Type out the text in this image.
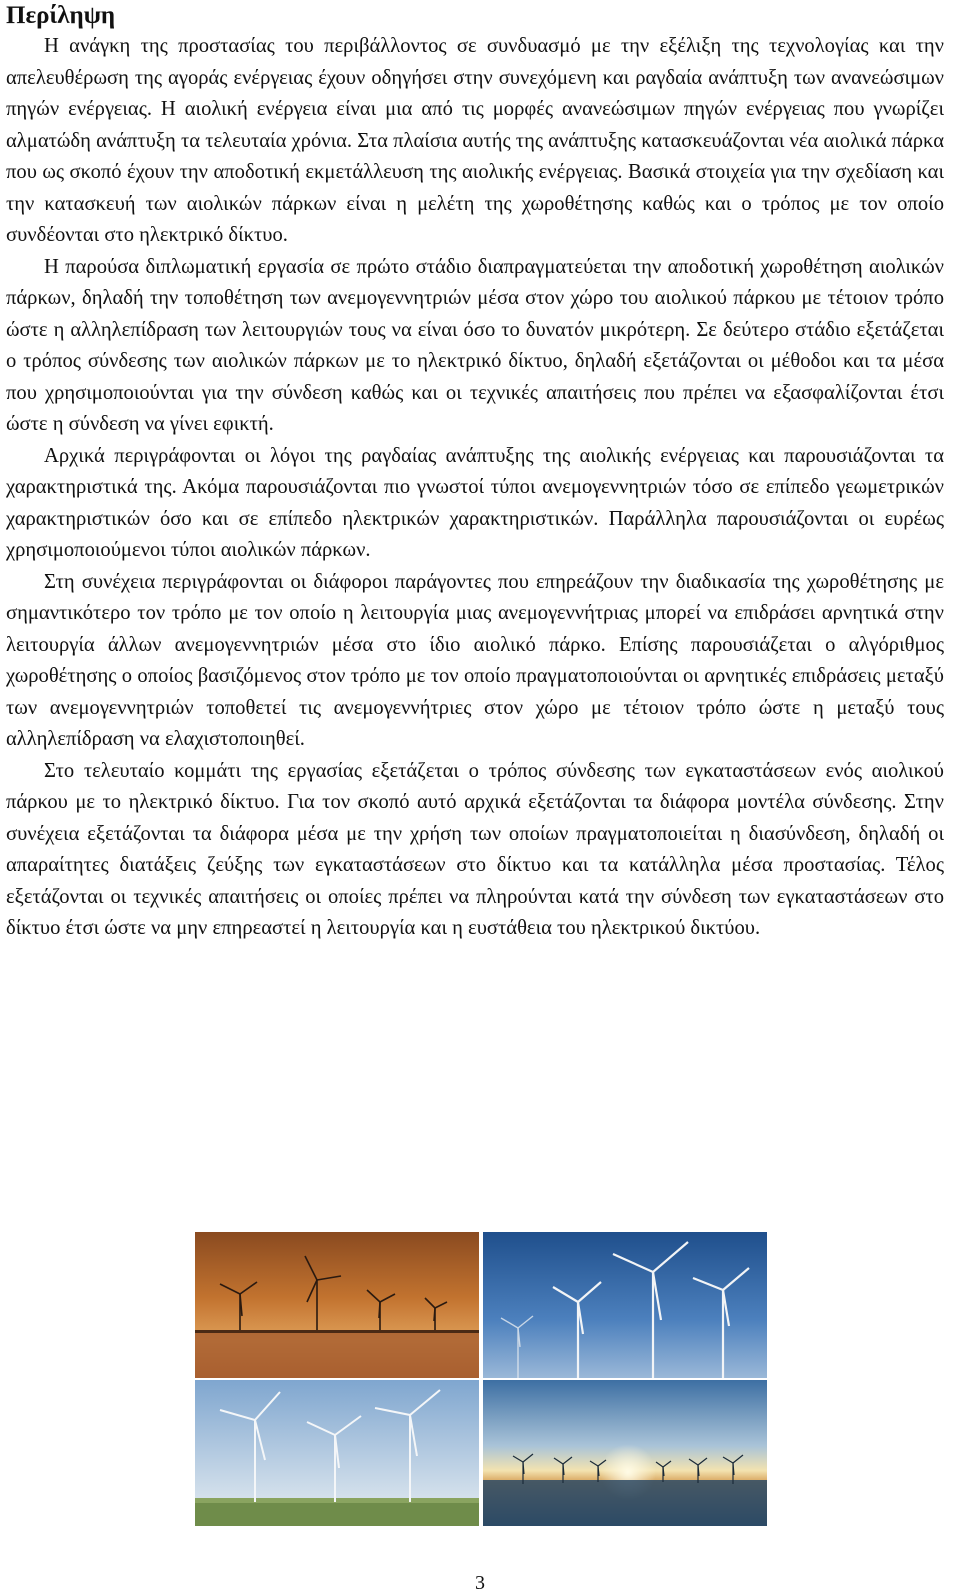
Περίληψη

Η ανάγκη της προστασίας του περιβάλλοντος σε συνδυασμό με την εξέλιξη της τεχνολογίας και την απελευθέρωση της αγοράς ενέργειας έχουν οδηγήσει στην συνεχόμενη και ραγδαία ανάπτυξη των ανανεώσιμων πηγών ενέργειας. Η αιολική ενέργεια είναι μια από τις μορφές ανανεώσιμων πηγών ενέργειας που γνωρίζει αλματώδη ανάπτυξη τα τελευταία χρόνια. Στα πλαίσια αυτής της ανάπτυξης κατασκευάζονται νέα αιολικά πάρκα που ως σκοπό έχουν την αποδοτική εκμετάλλευση της αιολικής ενέργειας. Βασικά στοιχεία για την σχεδίαση και την κατασκευή των αιολικών πάρκων είναι η μελέτη της χωροθέτησης καθώς και ο τρόπος με τον οποίο συνδέονται στο ηλεκτρικό δίκτυο.

Η παρούσα διπλωματική εργασία σε πρώτο στάδιο διαπραγματεύεται την αποδοτική χωροθέτηση αιολικών πάρκων, δηλαδή την τοποθέτηση των ανεμογεννητριών μέσα στον χώρο του αιολικού πάρκου με τέτοιον τρόπο ώστε η αλληλεπίδραση των λειτουργιών τους να είναι όσο το δυνατόν μικρότερη. Σε δεύτερο στάδιο εξετάζεται ο τρόπος σύνδεσης των αιολικών πάρκων με το ηλεκτρικό δίκτυο, δηλαδή εξετάζονται οι μέθοδοι και τα μέσα που χρησιμοποιούνται για την σύνδεση καθώς και οι τεχνικές απαιτήσεις που πρέπει να εξασφαλίζονται έτσι ώστε η σύνδεση να γίνει εφικτή.

Αρχικά περιγράφονται οι λόγοι της ραγδαίας ανάπτυξης της αιολικής ενέργειας και παρουσιάζονται τα χαρακτηριστικά της. Ακόμα παρουσιάζονται πιο γνωστοί τύποι ανεμογεννητριών τόσο σε επίπεδο γεωμετρικών χαρακτηριστικών όσο και σε επίπεδο ηλεκτρικών χαρακτηριστικών. Παράλληλα παρουσιάζονται οι ευρέως χρησιμοποιούμενοι τύποι αιολικών πάρκων.

Στη συνέχεια περιγράφονται οι διάφοροι παράγοντες που επηρεάζουν την διαδικασία της χωροθέτησης με σημαντικότερο τον τρόπο με τον οποίο η λειτουργία μιας ανεμογεννήτριας μπορεί να επιδράσει αρνητικά στην λειτουργία άλλων ανεμογεννητριών μέσα στο ίδιο αιολικό πάρκο. Επίσης παρουσιάζεται ο αλγόριθμος χωροθέτησης ο οποίος βασιζόμενος στον τρόπο με τον οποίο πραγματοποιούνται οι αρνητικές επιδράσεις μεταξύ των ανεμογεννητριών τοποθετεί τις ανεμογεννήτριες στον χώρο με τέτοιον τρόπο ώστε η μεταξύ τους αλληλεπίδραση να ελαχιστοποιηθεί.

Στο τελευταίο κομμάτι της εργασίας εξετάζεται ο τρόπος σύνδεσης των εγκαταστάσεων ενός αιολικού πάρκου με το ηλεκτρικό δίκτυο. Για τον σκοπό αυτό αρχικά εξετάζονται τα διάφορα μοντέλα σύνδεσης. Στην συνέχεια εξετάζονται τα διάφορα μέσα με την χρήση των οποίων πραγματοποιείται η διασύνδεση, δηλαδή οι απαραίτητες διατάξεις ζεύξης των εγκαταστάσεων στο δίκτυο και τα κατάλληλα μέσα προστασίας. Τέλος εξετάζονται οι τεχνικές απαιτήσεις οι οποίες πρέπει να πληρούνται κατά την σύνδεση των εγκαταστάσεων στο δίκτυο έτσι ώστε να μην επηρεαστεί η λειτουργία και η ευστάθεια του ηλεκτρικού δικτύου.

3
